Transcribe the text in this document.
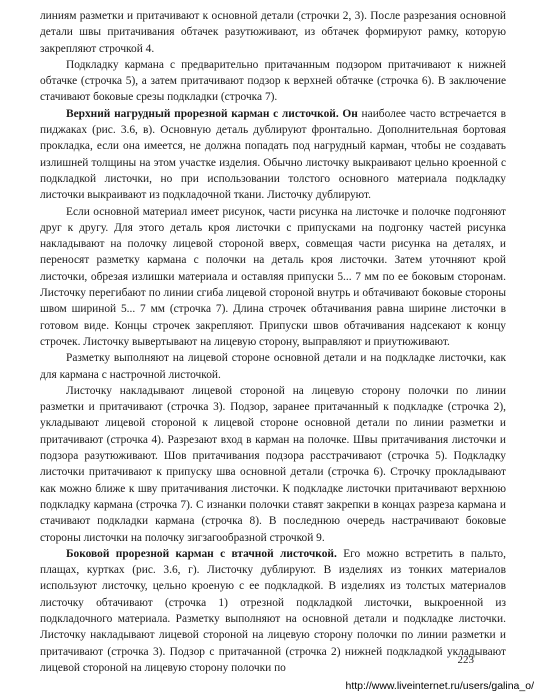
линиям разметки и притачивают к основной детали (строчки 2, 3). После разрезания основной детали швы притачивания обтачек разутюживают, из обтачек формируют рамку, которую закрепляют строчкой 4.

Подкладку кармана с предварительно притачанным подзором притачивают к нижней обтачке (строчка 5), а затем притачивают подзор к верхней обтачке (строчка 6). В заключение стачивают боковые срезы подкладки (строчка 7).

Верхний нагрудный прорезной карман с листочкой. Он наиболее часто встречается в пиджаках (рис. 3.6, в). Основную деталь дублируют фронтально. Дополнительная бортовая прокладка, если она имеется, не должна попадать под нагрудный карман, чтобы не создавать излишней толщины на этом участке изделия. Обычно листочку выкраивают цельно кроенной с подкладкой листочки, но при использовании толстого основного материала подкладку листочки выкраивают из подкладочной ткани. Листочку дублируют.

Если основной материал имеет рисунок, части рисунка на листочке и полочке подгоняют друг к другу. Для этого деталь кроя листочки с припусками на подгонку частей рисунка накладывают на полочку лицевой стороной вверх, совмещая части рисунка на деталях, и переносят разметку кармана с полочки на деталь кроя листочки. Затем уточняют крой листочки, обрезая излишки материала и оставляя припуски 5... 7 мм по ее боковым сторонам. Листочку перегибают по линии сгиба лицевой стороной внутрь и обтачивают боковые стороны швом шириной 5... 7 мм (строчка 7). Длина строчек обтачивания равна ширине листочки в готовом виде. Концы строчек закрепляют. Припуски швов обтачивания надсекают к концу строчек. Листочку вывертывают на лицевую сторону, выправляют и приутюживают.

Разметку выполняют на лицевой стороне основной детали и на подкладке листочки, как для кармана с настрочной листочкой.

Листочку накладывают лицевой стороной на лицевую сторону полочки по линии разметки и притачивают (строчка 3). Подзор, заранее притачанный к подкладке (строчка 2), укладывают лицевой стороной к лицевой стороне основной детали по линии разметки и притачивают (строчка 4). Разрезают вход в карман на полочке. Швы притачивания листочки и подзора разутюживают. Шов притачивания подзора расстрачивают (строчка 5). Подкладку листочки притачивают к припуску шва основной детали (строчка 6). Строчку прокладывают как можно ближе к шву притачивания листочки. К подкладке листочки притачивают верхнюю подкладку кармана (строчка 7). С изнанки полочки ставят закрепки в концах разреза кармана и стачивают подкладки кармана (строчка 8). В последнюю очередь настрачивают боковые стороны листочки на полочку зигзагообразной строчкой 9.

Боковой прорезной карман с втачной листочкой. Его можно встретить в пальто, плащах, куртках (рис. 3.6, г). Листочку дублируют. В изделиях из тонких материалов используют листочку, цельно кроеную с ее подкладкой. В изделиях из толстых материалов листочку обтачивают (строчка 1) отрезной подкладкой листочки, выкроенной из подкладочного материала. Разметку выполняют на основной детали и подкладке листочки. Листочку накладывают лицевой стороной на лицевую сторону полочки по линии разметки и притачивают (строчка 3). Подзор с притачанной (строчка 2) нижней подкладкой укладывают лицевой стороной на лицевую сторону полочки по

223

http://www.liveinternet.ru/users/galina_o/
